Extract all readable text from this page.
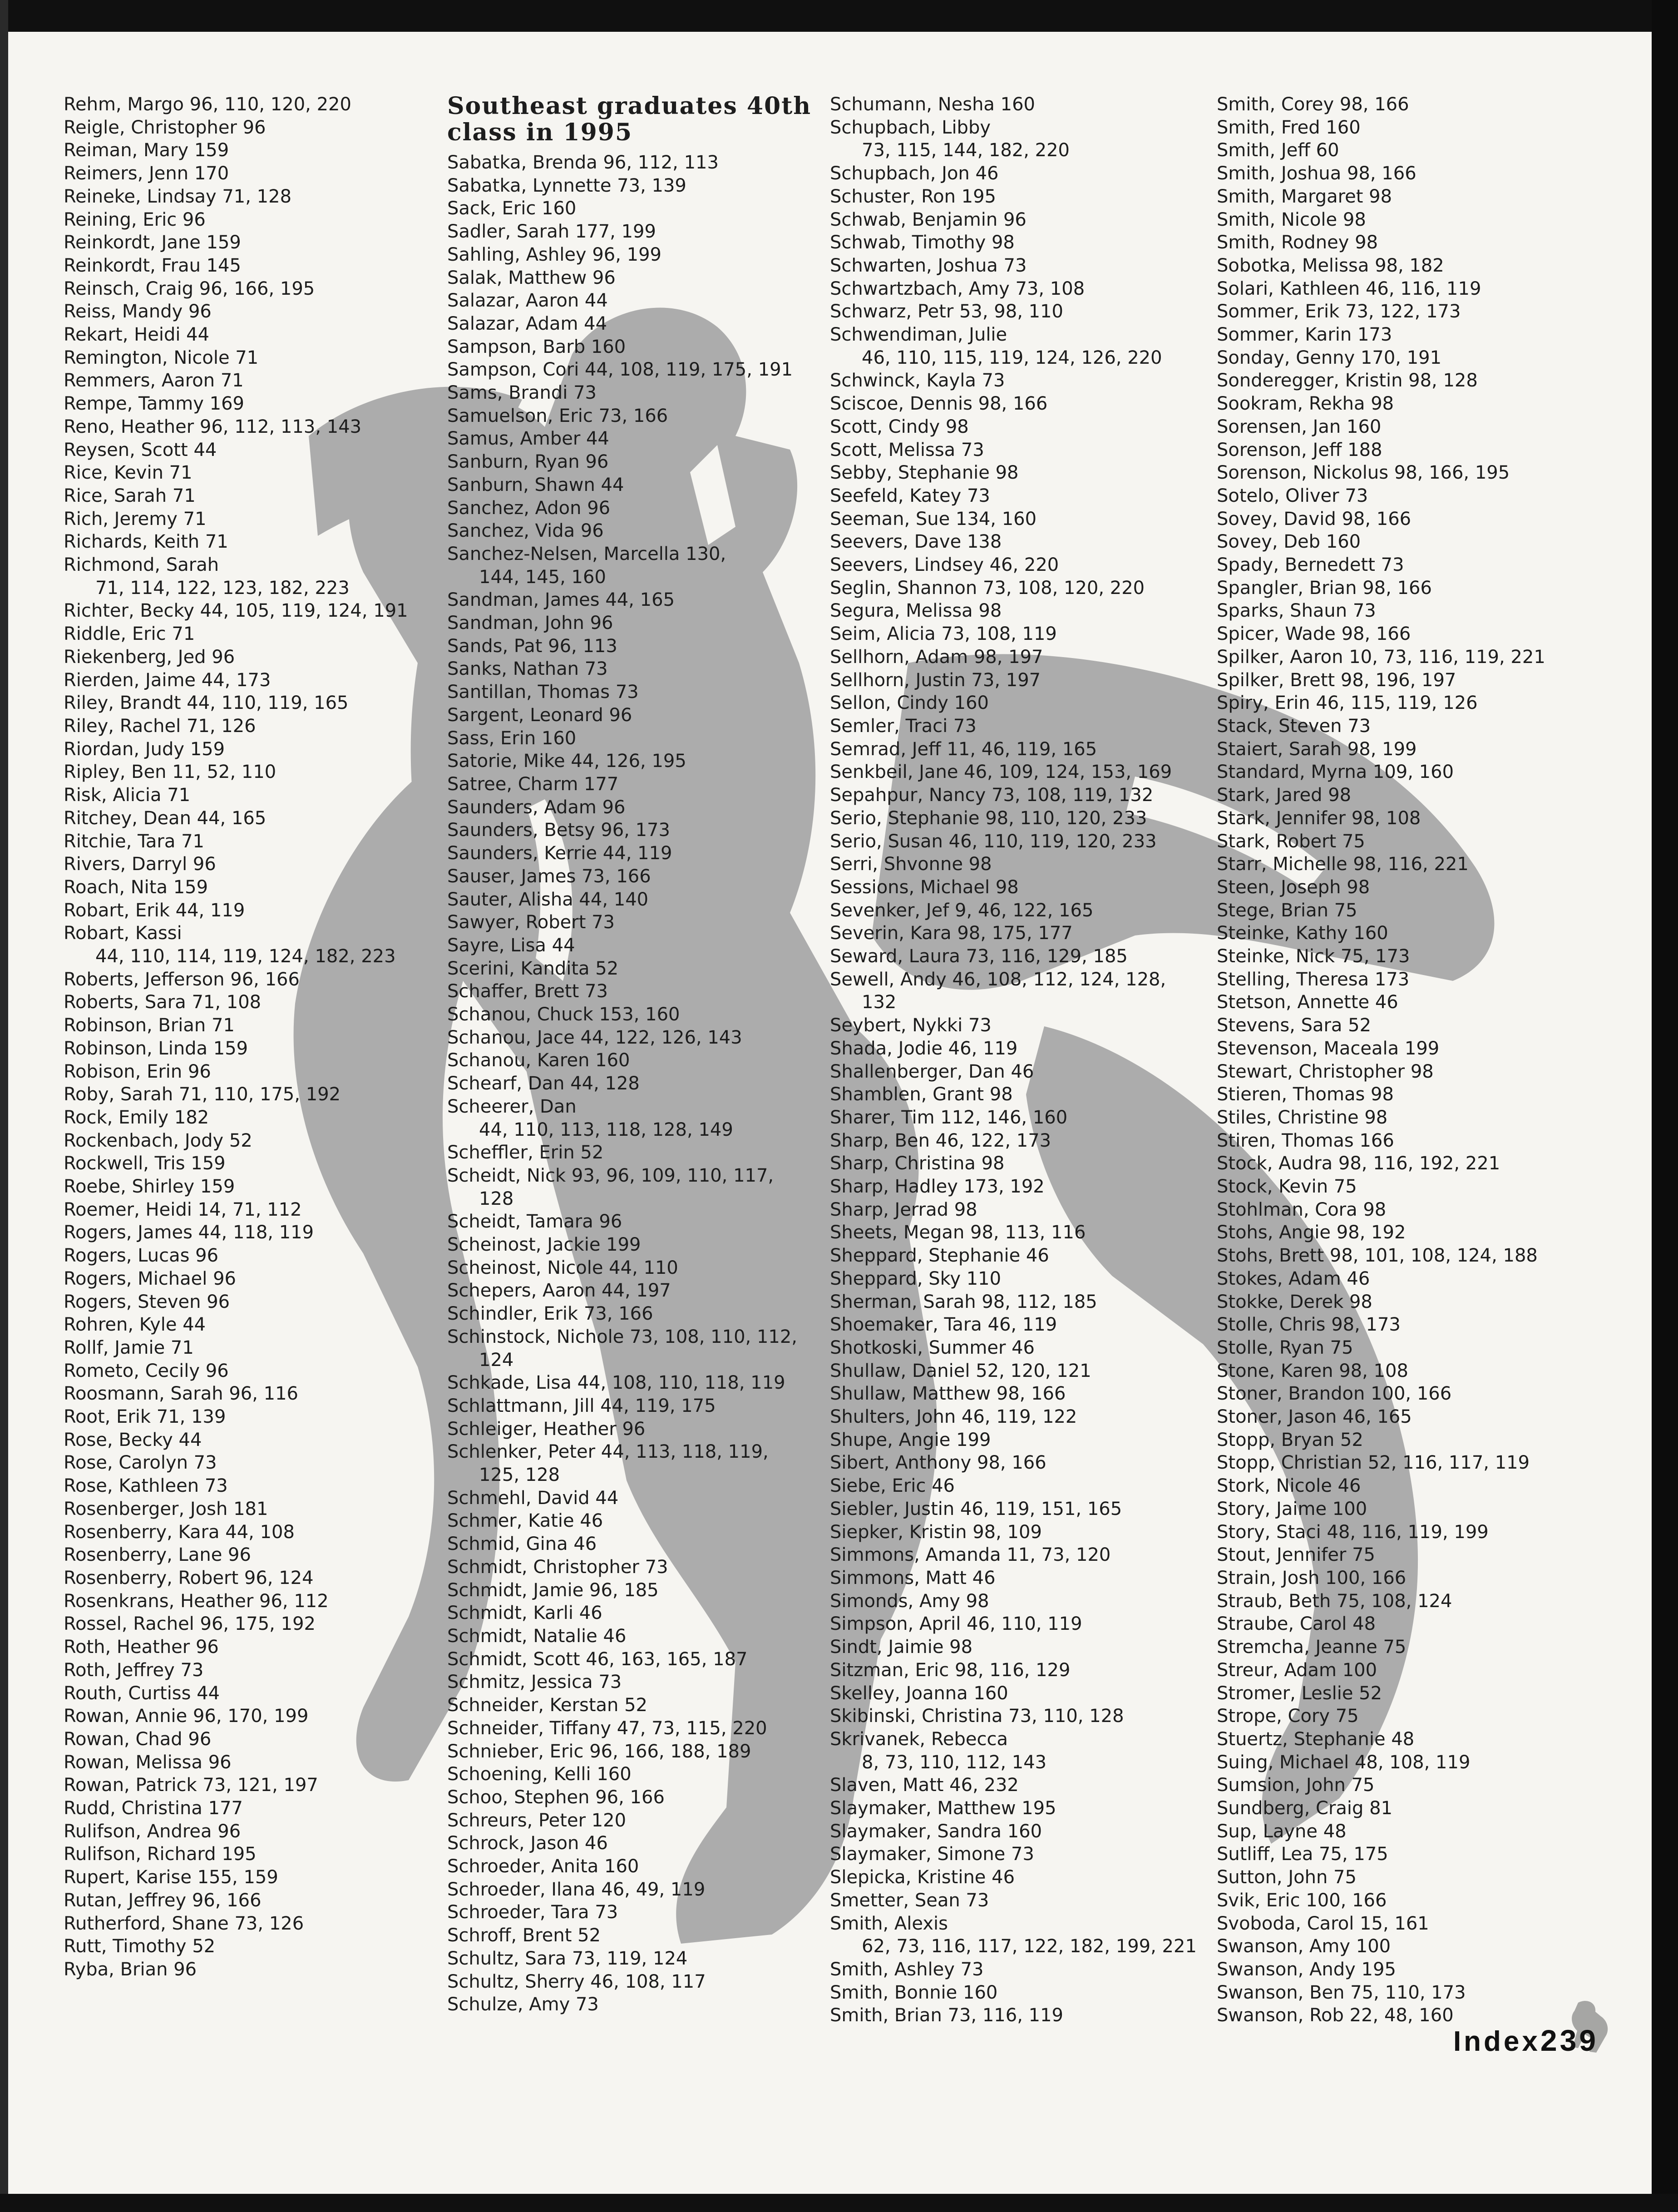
Rehm, Margo 96, 110, 120, 220
Reigle, Christopher 96
Reiman, Mary 159
Reimers, Jenn 170
Reineke, Lindsay 71, 128
Reining, Eric 96
Reinkordt, Jane 159
Reinkordt, Frau 145
Reinsch, Craig 96, 166, 195
Reiss, Mandy 96
Rekart, Heidi 44
Remington, Nicole 71
Remmers, Aaron 71
Rempe, Tammy 169
Reno, Heather 96, 112, 113, 143
Reysen, Scott 44
Rice, Kevin 71
Rice, Sarah 71
Rich, Jeremy 71
Richards, Keith 71
Richmond, Sarah
71, 114, 122, 123, 182, 223
Richter, Becky 44, 105, 119, 124, 191
Riddle, Eric 71
Riekenberg, Jed 96
Rierden, Jaime 44, 173
Riley, Brandt 44, 110, 119, 165
Riley, Rachel 71, 126
Riordan, Judy 159
Ripley, Ben 11, 52, 110
Risk, Alicia 71
Ritchey, Dean 44, 165
Ritchie, Tara 71
Rivers, Darryl 96
Roach, Nita 159
Robart, Erik 44, 119
Robart, Kassi
44, 110, 114, 119, 124, 182, 223
Roberts, Jefferson 96, 166
Roberts, Sara 71, 108
Robinson, Brian 71
Robinson, Linda 159
Robison, Erin 96
Roby, Sarah 71, 110, 175, 192
Rock, Emily 182
Rockenbach, Jody 52
Rockwell, Tris 159
Roebe, Shirley 159
Roemer, Heidi 14, 71, 112
Rogers, James 44, 118, 119
Rogers, Lucas 96
Rogers, Michael 96
Rogers, Steven 96
Rohren, Kyle 44
Rollf, Jamie 71
Rometo, Cecily 96
Roosmann, Sarah 96, 116
Root, Erik 71, 139
Rose, Becky 44
Rose, Carolyn 73
Rose, Kathleen 73
Rosenberger, Josh 181
Rosenberry, Kara 44, 108
Rosenberry, Lane 96
Rosenberry, Robert 96, 124
Rosenkrans, Heather 96, 112
Rossel, Rachel 96, 175, 192
Roth, Heather 96
Roth, Jeffrey 73
Routh, Curtiss 44
Rowan, Annie 96, 170, 199
Rowan, Chad 96
Rowan, Melissa 96
Rowan, Patrick 73, 121, 197
Rudd, Christina 177
Rulifson, Andrea 96
Rulifson, Richard 195
Rupert, Karise 155, 159
Rutan, Jeffrey 96, 166
Rutherford, Shane 73, 126
Rutt, Timothy 52
Ryba, Brian 96
Southeast graduates 40th
class in 1995
Sabatka, Brenda 96, 112, 113
Sabatka, Lynnette 73, 139
Sack, Eric 160
Sadler, Sarah 177, 199
Sahling, Ashley 96, 199
Salak, Matthew 96
Salazar, Aaron 44
Salazar, Adam 44
Sampson, Barb 160
Sampson, Cori 44, 108, 119, 175, 191
Sams, Brandi 73
Samuelson, Eric 73, 166
Samus, Amber 44
Sanburn, Ryan 96
Sanburn, Shawn 44
Sanchez, Adon 96
Sanchez, Vida 96
Sanchez-Nelsen, Marcella 130,
144, 145, 160
Sandman, James 44, 165
Sandman, John 96
Sands, Pat 96, 113
Sanks, Nathan 73
Santillan, Thomas 73
Sargent, Leonard 96
Sass, Erin 160
Satorie, Mike 44, 126, 195
Satree, Charm 177
Saunders, Adam 96
Saunders, Betsy 96, 173
Saunders, Kerrie 44, 119
Sauser, James 73, 166
Sauter, Alisha 44, 140
Sawyer, Robert 73
Sayre, Lisa 44
Scerini, Kandita 52
Schaffer, Brett 73
Schanou, Chuck 153, 160
Schanou, Jace 44, 122, 126, 143
Schanou, Karen 160
Schearf, Dan 44, 128
Scheerer, Dan
44, 110, 113, 118, 128, 149
Scheffler, Erin 52
Scheidt, Nick 93, 96, 109, 110, 117,
128
Scheidt, Tamara 96
Scheinost, Jackie 199
Scheinost, Nicole 44, 110
Schepers, Aaron 44, 197
Schindler, Erik 73, 166
Schinstock, Nichole 73, 108, 110, 112,
124
Schkade, Lisa 44, 108, 110, 118, 119
Schlattmann, Jill 44, 119, 175
Schleiger, Heather 96
Schlenker, Peter 44, 113, 118, 119,
125, 128
Schmehl, David 44
Schmer, Katie 46
Schmid, Gina 46
Schmidt, Christopher 73
Schmidt, Jamie 96, 185
Schmidt, Karli 46
Schmidt, Natalie 46
Schmidt, Scott 46, 163, 165, 187
Schmitz, Jessica 73
Schneider, Kerstan 52
Schneider, Tiffany 47, 73, 115, 220
Schnieber, Eric 96, 166, 188, 189
Schoening, Kelli 160
Schoo, Stephen 96, 166
Schreurs, Peter 120
Schrock, Jason 46
Schroeder, Anita 160
Schroeder, Ilana 46, 49, 119
Schroeder, Tara 73
Schroff, Brent 52
Schultz, Sara 73, 119, 124
Schultz, Sherry 46, 108, 117
Schulze, Amy 73
Schumann, Nesha 160
Schupbach, Libby
73, 115, 144, 182, 220
Schupbach, Jon 46
Schuster, Ron 195
Schwab, Benjamin 96
Schwab, Timothy 98
Schwarten, Joshua 73
Schwartzbach, Amy 73, 108
Schwarz, Petr 53, 98, 110
Schwendiman, Julie
46, 110, 115, 119, 124, 126, 220
Schwinck, Kayla 73
Sciscoe, Dennis 98, 166
Scott, Cindy 98
Scott, Melissa 73
Sebby, Stephanie 98
Seefeld, Katey 73
Seeman, Sue 134, 160
Seevers, Dave 138
Seevers, Lindsey 46, 220
Seglin, Shannon 73, 108, 120, 220
Segura, Melissa 98
Seim, Alicia 73, 108, 119
Sellhorn, Adam 98, 197
Sellhorn, Justin 73, 197
Sellon, Cindy 160
Semler, Traci 73
Semrad, Jeff 11, 46, 119, 165
Senkbeil, Jane 46, 109, 124, 153, 169
Sepahpur, Nancy 73, 108, 119, 132
Serio, Stephanie 98, 110, 120, 233
Serio, Susan 46, 110, 119, 120, 233
Serri, Shvonne 98
Sessions, Michael 98
Sevenker, Jef 9, 46, 122, 165
Severin, Kara 98, 175, 177
Seward, Laura 73, 116, 129, 185
Sewell, Andy 46, 108, 112, 124, 128,
132
Seybert, Nykki 73
Shada, Jodie 46, 119
Shallenberger, Dan 46
Shamblen, Grant 98
Sharer, Tim 112, 146, 160
Sharp, Ben 46, 122, 173
Sharp, Christina 98
Sharp, Hadley 173, 192
Sharp, Jerrad 98
Sheets, Megan 98, 113, 116
Sheppard, Stephanie 46
Sheppard, Sky 110
Sherman, Sarah 98, 112, 185
Shoemaker, Tara 46, 119
Shotkoski, Summer 46
Shullaw, Daniel 52, 120, 121
Shullaw, Matthew 98, 166
Shulters, John 46, 119, 122
Shupe, Angie 199
Sibert, Anthony 98, 166
Siebe, Eric 46
Siebler, Justin 46, 119, 151, 165
Siepker, Kristin 98, 109
Simmons, Amanda 11, 73, 120
Simmons, Matt 46
Simonds, Amy 98
Simpson, April 46, 110, 119
Sindt, Jaimie 98
Sitzman, Eric 98, 116, 129
Skelley, Joanna 160
Skibinski, Christina 73, 110, 128
Skrivanek, Rebecca
8, 73, 110, 112, 143
Slaven, Matt 46, 232
Slaymaker, Matthew 195
Slaymaker, Sandra 160
Slaymaker, Simone 73
Slepicka, Kristine 46
Smetter, Sean 73
Smith, Alexis
62, 73, 116, 117, 122, 182, 199, 221
Smith, Ashley 73
Smith, Bonnie 160
Smith, Brian 73, 116, 119
Smith, Corey 98, 166
Smith, Fred 160
Smith, Jeff 60
Smith, Joshua 98, 166
Smith, Margaret 98
Smith, Nicole 98
Smith, Rodney 98
Sobotka, Melissa 98, 182
Solari, Kathleen 46, 116, 119
Sommer, Erik 73, 122, 173
Sommer, Karin 173
Sonday, Genny 170, 191
Sonderegger, Kristin 98, 128
Sookram, Rekha 98
Sorensen, Jan 160
Sorenson, Jeff 188
Sorenson, Nickolus 98, 166, 195
Sotelo, Oliver 73
Sovey, David 98, 166
Sovey, Deb 160
Spady, Bernedett 73
Spangler, Brian 98, 166
Sparks, Shaun 73
Spicer, Wade 98, 166
Spilker, Aaron 10, 73, 116, 119, 221
Spilker, Brett 98, 196, 197
Spiry, Erin 46, 115, 119, 126
Stack, Steven 73
Staiert, Sarah 98, 199
Standard, Myrna 109, 160
Stark, Jared 98
Stark, Jennifer 98, 108
Stark, Robert 75
Starr, Michelle 98, 116, 221
Steen, Joseph 98
Stege, Brian 75
Steinke, Kathy 160
Steinke, Nick 75, 173
Stelling, Theresa 173
Stetson, Annette 46
Stevens, Sara 52
Stevenson, Maceala 199
Stewart, Christopher 98
Stieren, Thomas 98
Stiles, Christine 98
Stiren, Thomas 166
Stock, Audra 98, 116, 192, 221
Stock, Kevin 75
Stohlman, Cora 98
Stohs, Angie 98, 192
Stohs, Brett 98, 101, 108, 124, 188
Stokes, Adam 46
Stokke, Derek 98
Stolle, Chris 98, 173
Stolle, Ryan 75
Stone, Karen 98, 108
Stoner, Brandon 100, 166
Stoner, Jason 46, 165
Stopp, Bryan 52
Stopp, Christian 52, 116, 117, 119
Stork, Nicole 46
Story, Jaime 100
Story, Staci 48, 116, 119, 199
Stout, Jennifer 75
Strain, Josh 100, 166
Straub, Beth 75, 108, 124
Straube, Carol 48
Stremcha, Jeanne 75
Streur, Adam 100
Stromer, Leslie 52
Strope, Cory 75
Stuertz, Stephanie 48
Suing, Michael 48, 108, 119
Sumsion, John 75
Sundberg, Craig 81
Sup, Layne 48
Sutliff, Lea 75, 175
Sutton, John 75
Svik, Eric 100, 166
Svoboda, Carol 15, 161
Swanson, Amy 100
Swanson, Andy 195
Swanson, Ben 75, 110, 173
Swanson, Rob 22, 48, 160
Index239
